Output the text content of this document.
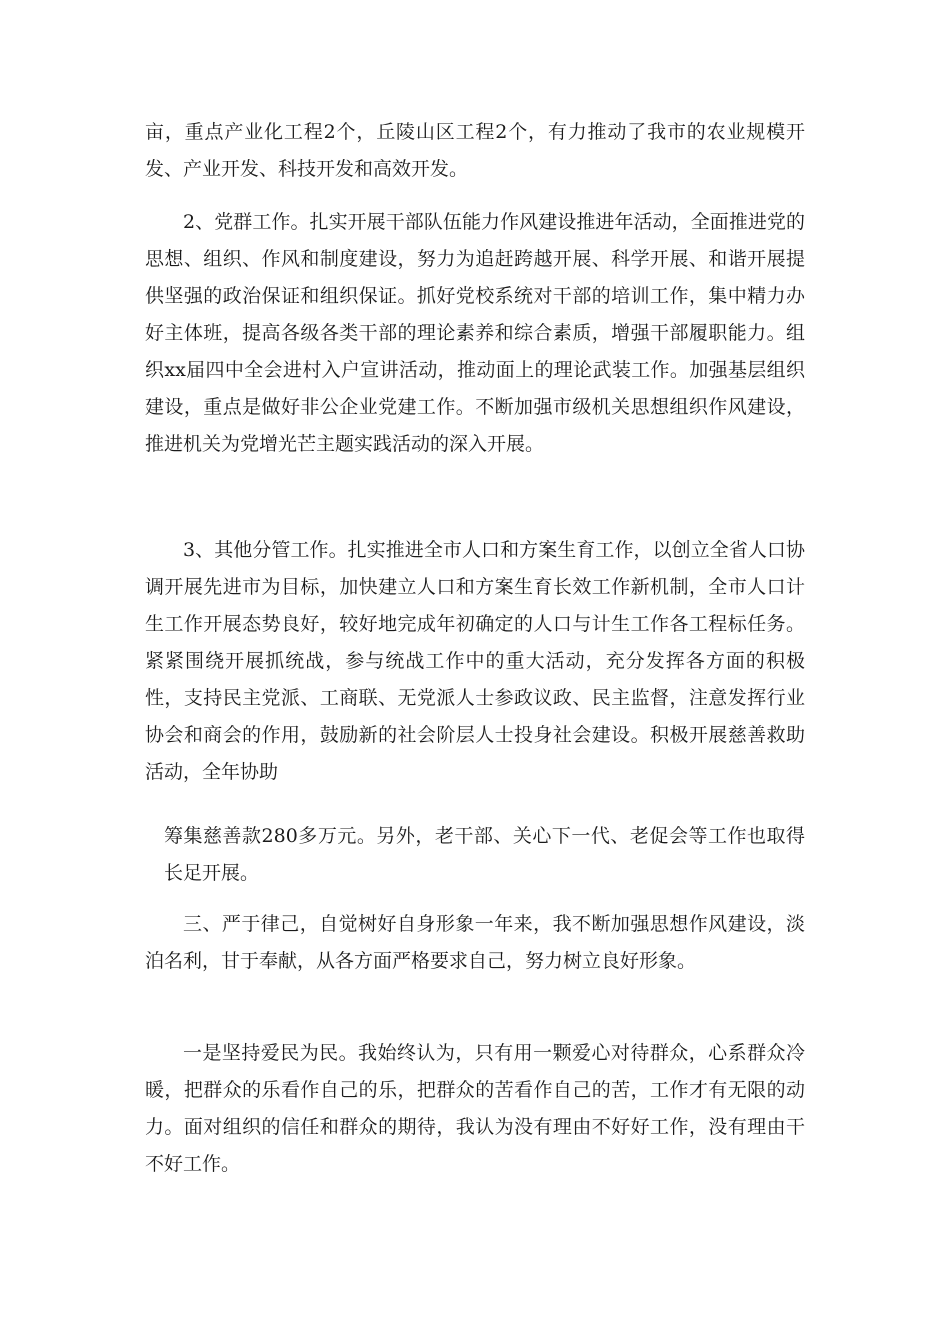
亩，重点产业化工程2个，丘陵山区工程2个，有力推动了我市的农业规模开发、产业开发、科技开发和高效开发。

2、党群工作。扎实开展干部队伍能力作风建设推进年活动，全面推进党的思想、组织、作风和制度建设，努力为追赶跨越开展、科学开展、和谐开展提供坚强的政治保证和组织保证。抓好党校系统对干部的培训工作，集中精力办好主体班，提高各级各类干部的理论素养和综合素质，增强干部履职能力。组织xx届四中全会进村入户宣讲活动，推动面上的理论武装工作。加强基层组织建设，重点是做好非公企业党建工作。不断加强市级机关思想组织作风建设，推进机关为党增光芒主题实践活动的深入开展。

3、其他分管工作。扎实推进全市人口和方案生育工作，以创立全省人口协调开展先进市为目标，加快建立人口和方案生育长效工作新机制，全市人口计生工作开展态势良好，较好地完成年初确定的人口与计生工作各工程标任务。紧紧围绕开展抓统战，参与统战工作中的重大活动，充分发挥各方面的积极性，支持民主党派、工商联、无党派人士参政议政、民主监督，注意发挥行业协会和商会的作用，鼓励新的社会阶层人士投身社会建设。积极开展慈善救助活动，全年协助

筹集慈善款280多万元。另外，老干部、关心下一代、老促会等工作也取得长足开展。

三、严于律己，自觉树好自身形象一年来，我不断加强思想作风建设，淡泊名利，甘于奉献，从各方面严格要求自己，努力树立良好形象。

一是坚持爱民为民。我始终认为，只有用一颗爱心对待群众，心系群众冷暖，把群众的乐看作自己的乐，把群众的苦看作自己的苦，工作才有无限的动力。面对组织的信任和群众的期待，我认为没有理由不好好工作，没有理由干不好工作。
